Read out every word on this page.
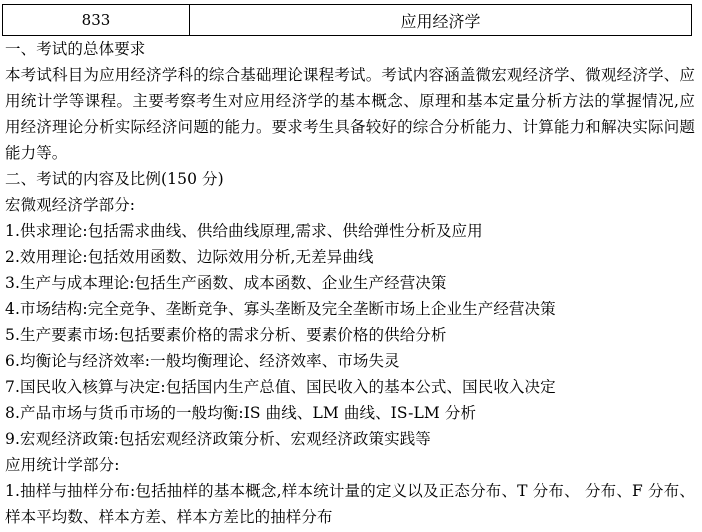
833	应用经济学
一、考试的总体要求
本考试科目为应用经济学科的综合基础理论课程考试。考试内容涵盖微宏观经济学、微观经济学、应用统计学等课程。主要考察考生对应用经济学的基本概念、原理和基本定量分析方法的掌握情况,应用经济理论分析实际经济问题的能力。要求考生具备较好的综合分析能力、计算能力和解决实际问题能力等。
二、考试的内容及比例(150 分)
宏微观经济学部分:
1.供求理论:包括需求曲线、供给曲线原理,需求、供给弹性分析及应用
2.效用理论:包括效用函数、边际效用分析,无差异曲线
3.生产与成本理论:包括生产函数、成本函数、企业生产经营决策
4.市场结构:完全竞争、垄断竞争、寡头垄断及完全垄断市场上企业生产经营决策
5.生产要素市场:包括要素价格的需求分析、要素价格的供给分析
6.均衡论与经济效率:一般均衡理论、经济效率、市场失灵
7.国民收入核算与决定:包括国内生产总值、国民收入的基本公式、国民收入决定
8.产品市场与货币市场的一般均衡:IS 曲线、LM 曲线、IS-LM 分析
9.宏观经济政策:包括宏观经济政策分析、宏观经济政策实践等
应用统计学部分:
1.抽样与抽样分布:包括抽样的基本概念,样本统计量的定义以及正态分布、T 分布、 分布、F 分布、样本平均数、样本方差、样本方差比的抽样分布
